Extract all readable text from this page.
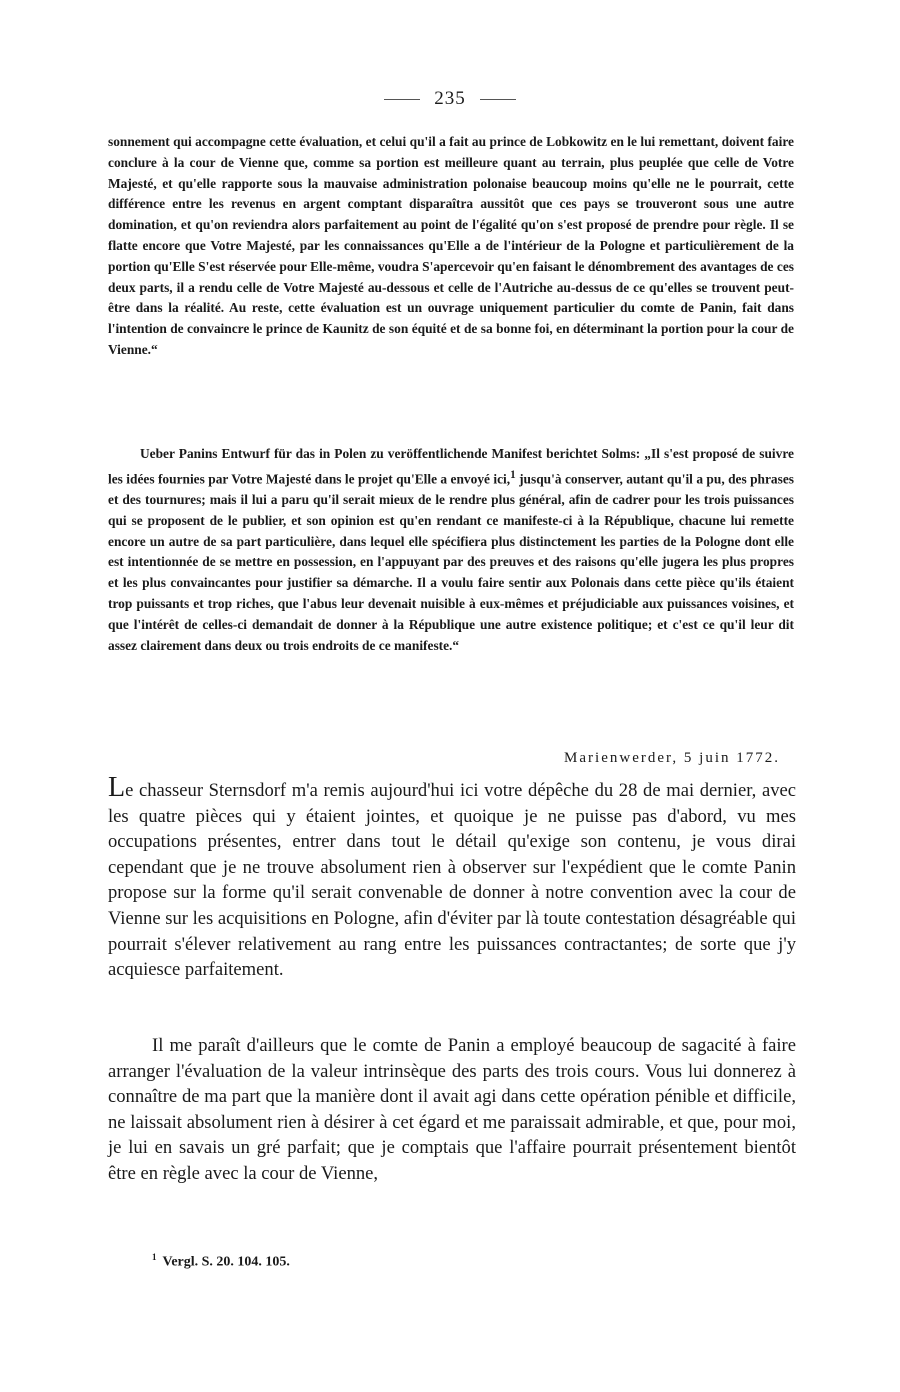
235

sonnement qui accompagne cette évaluation, et celui qu'il a fait au prince de Lobkowitz en le lui remettant, doivent faire conclure à la cour de Vienne que, comme sa portion est meilleure quant au terrain, plus peuplée que celle de Votre Majesté, et qu'elle rapporte sous la mauvaise administration polonaise beaucoup moins qu'elle ne le pourrait, cette différence entre les revenus en argent comptant disparaîtra aussitôt que ces pays se trouveront sous une autre domination, et qu'on reviendra alors parfaitement au point de l'égalité qu'on s'est proposé de prendre pour règle. Il se flatte encore que Votre Majesté, par les connaissances qu'Elle a de l'intérieur de la Pologne et particulièrement de la portion qu'Elle S'est réservée pour Elle-même, voudra S'apercevoir qu'en faisant le dénombrement des avantages de ces deux parts, il a rendu celle de Votre Majesté au-dessous et celle de l'Autriche au-dessus de ce qu'elles se trouvent peut-être dans la réalité. Au reste, cette évaluation est un ouvrage uniquement particulier du comte de Panin, fait dans l'intention de convaincre le prince de Kaunitz de son équité et de sa bonne foi, en déterminant la portion pour la cour de Vienne.“

Ueber Panins Entwurf für das in Polen zu veröffentlichende Manifest berichtet Solms: „Il s'est proposé de suivre les idées fournies par Votre Majesté dans le projet qu'Elle a envoyé ici,$^1$ jusqu'à conserver, autant qu'il a pu, des phrases et des tournures; mais il lui a paru qu'il serait mieux de le rendre plus général, afin de cadrer pour les trois puissances qui se proposent de le publier, et son opinion est qu'en rendant ce manifeste-ci à la République, chacune lui remette encore un autre de sa part particulière, dans lequel elle spécifiera plus distinctement les parties de la Pologne dont elle est intentionnée de se mettre en possession, en l'appuyant par des preuves et des raisons qu'elle jugera les plus propres et les plus convaincantes pour justifier sa démarche. Il a voulu faire sentir aux Polonais dans cette pièce qu'ils étaient trop puissants et trop riches, que l'abus leur devenait nuisible à eux-mêmes et préjudiciable aux puissances voisines, et que l'intérêt de celles-ci demandait de donner à la République une autre existence politique; et c'est ce qu'il leur dit assez clairement dans deux ou trois endroits de ce manifeste.“

Marienwerder, 5 juin 1772.

Le chasseur Sternsdorf m'a remis aujourd'hui ici votre dépêche du 28 de mai dernier, avec les quatre pièces qui y étaient jointes, et quoique je ne puisse pas d'abord, vu mes occupations présentes, entrer dans tout le détail qu'exige son contenu, je vous dirai cependant que je ne trouve absolument rien à observer sur l'expédient que le comte Panin propose sur la forme qu'il serait convenable de donner à notre convention avec la cour de Vienne sur les acquisitions en Pologne, afin d'éviter par là toute contestation désagréable qui pourrait s'élever relativement au rang entre les puissances contractantes; de sorte que j'y acquiesce parfaitement.

Il me paraît d'ailleurs que le comte de Panin a employé beaucoup de sagacité à faire arranger l'évaluation de la valeur intrinsèque des parts des trois cours. Vous lui donnerez à connaître de ma part que la manière dont il avait agi dans cette opération pénible et difficile, ne laissait absolument rien à désirer à cet égard et me paraissait admirable, et que, pour moi, je lui en savais un gré parfait; que je comptais que l'affaire pourrait présentement bientôt être en règle avec la cour de Vienne,

$^1$ Vergl. S. 20. 104. 105.
